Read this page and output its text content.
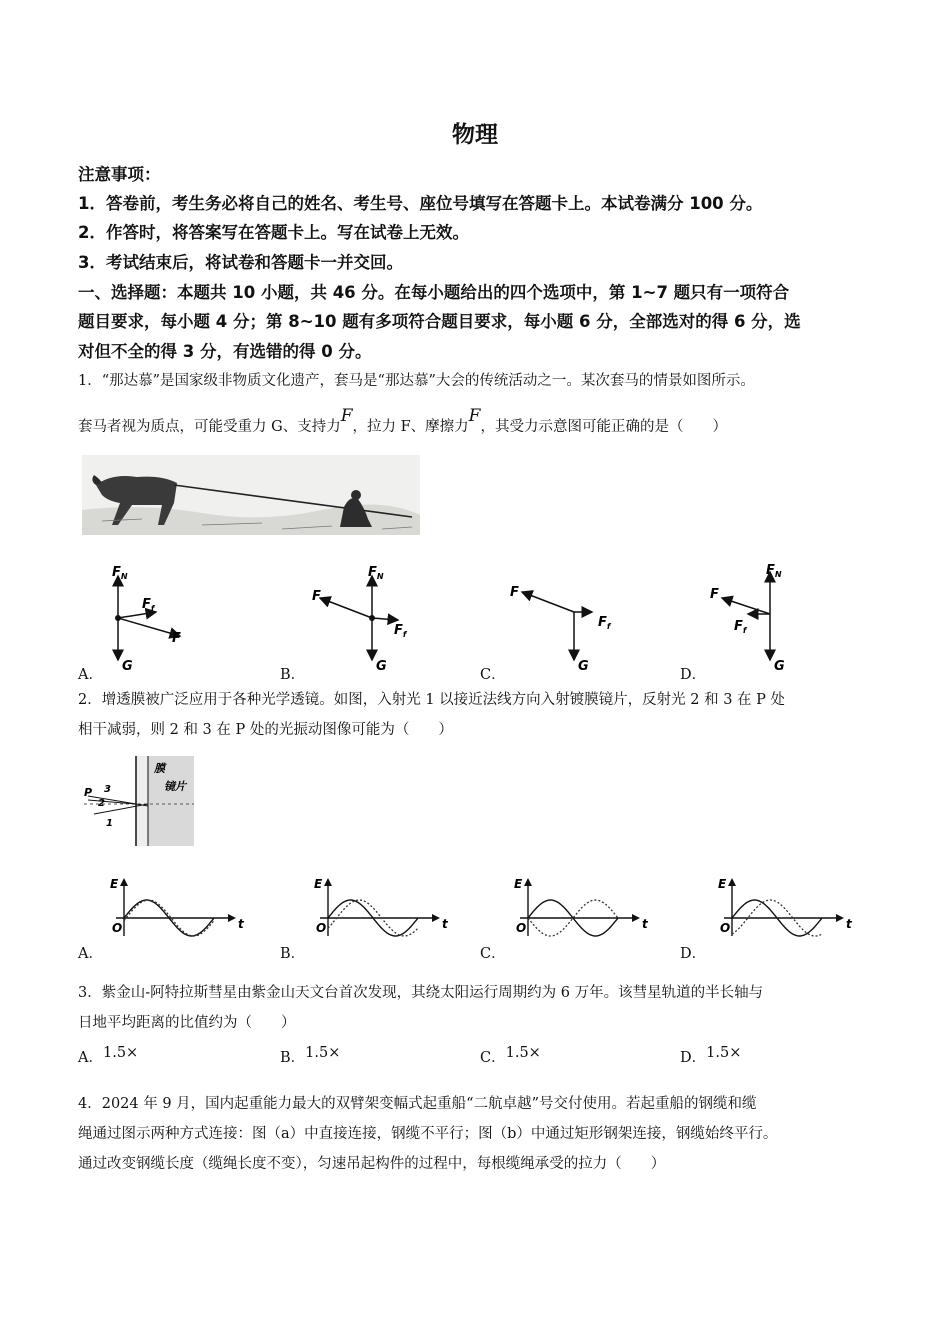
物理
注意事项：
1．答卷前，考生务必将自己的姓名、考生号、座位号填写在答题卡上。本试卷满分 100 分。
2．作答时，将答案写在答题卡上。写在试卷上无效。
3．考试结束后，将试卷和答题卡一并交回。
一、选择题：本题共 10 小题，共 46 分。在每小题给出的四个选项中，第 1~7 题只有一项符合
题目要求，每小题 4 分；第 8~10 题有多项符合题目要求，每小题 6 分，全部选对的得 6 分，选
对但不全的得 3 分，有选错的得 0 分。
1．“那达慕”是国家级非物质文化遗产，套马是“那达慕”大会的传统活动之一。某次套马的情景如图所示。
套马者视为质点，可能受重力 G、支持力F，拉力 F、摩擦力F，其受力示意图可能正确的是（　　）
$F_N$
$F_f$
F
G
$F_N$
F
$F_f$
G
F
$F_f$
G
$F_N$
F
$F_f$
G
A．	B．	C．	D．
2．增透膜被广泛应用于各种光学透镜。如图，入射光 1 以接近法线方向入射镀膜镜片，反射光 2 和 3 在 P 处
相干减弱，则 2 和 3 在 P 处的光振动图像可能为（　　）
膜
镜片
P 3
2
1
E
t
O
E
t
O
E
t
O
E
t
O
A．	B．	C．	D．
3．紫金山-阿特拉斯彗星由紫金山天文台首次发现，其绕太阳运行周期约为 6 万年。该彗星轨道的半长轴与
日地平均距离的比值约为（　　）
A．1.5×	B．1.5×	C．1.5×	D．1.5×
4．2024 年 9 月，国内起重能力最大的双臂架变幅式起重船“二航卓越”号交付使用。若起重船的钢缆和缆
绳通过图示两种方式连接：图（a）中直接连接，钢缆不平行；图（b）中通过矩形钢架连接，钢缆始终平行。
通过改变钢缆长度（缆绳长度不变），匀速吊起构件的过程中，每根缆绳承受的拉力（　　）
